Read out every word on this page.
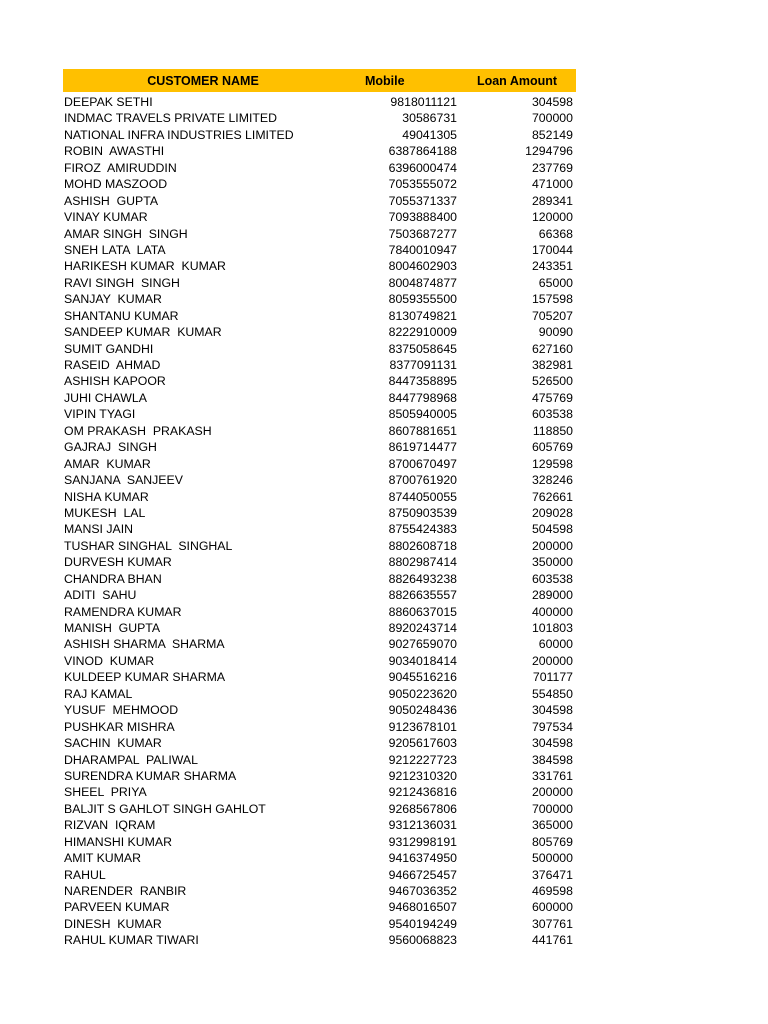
CUSTOMER NAME	Mobile	Loan Amount
DEEPAK SETHI	9818011121	304598
INDMAC TRAVELS PRIVATE LIMITED	30586731	700000
NATIONAL INFRA INDUSTRIES LIMITED	49041305	852149
ROBIN  AWASTHI	6387864188	1294796
FIROZ  AMIRUDDIN	6396000474	237769
MOHD MASZOOD	7053555072	471000
ASHISH  GUPTA	7055371337	289341
VINAY KUMAR	7093888400	120000
AMAR SINGH  SINGH	7503687277	66368
SNEH LATA  LATA	7840010947	170044
HARIKESH KUMAR  KUMAR	8004602903	243351
RAVI SINGH  SINGH	8004874877	65000
SANJAY  KUMAR	8059355500	157598
SHANTANU KUMAR	8130749821	705207
SANDEEP KUMAR  KUMAR	8222910009	90090
SUMIT GANDHI	8375058645	627160
RASEID  AHMAD	8377091131	382981
ASHISH KAPOOR	8447358895	526500
JUHI CHAWLA	8447798968	475769
VIPIN TYAGI	8505940005	603538
OM PRAKASH  PRAKASH	8607881651	118850
GAJRAJ  SINGH	8619714477	605769
AMAR  KUMAR	8700670497	129598
SANJANA  SANJEEV	8700761920	328246
NISHA KUMAR	8744050055	762661
MUKESH  LAL	8750903539	209028
MANSI JAIN	8755424383	504598
TUSHAR SINGHAL  SINGHAL	8802608718	200000
DURVESH KUMAR	8802987414	350000
CHANDRA BHAN	8826493238	603538
ADITI  SAHU	8826635557	289000
RAMENDRA KUMAR	8860637015	400000
MANISH  GUPTA	8920243714	101803
ASHISH SHARMA  SHARMA	9027659070	60000
VINOD  KUMAR	9034018414	200000
KULDEEP KUMAR SHARMA	9045516216	701177
RAJ KAMAL	9050223620	554850
YUSUF  MEHMOOD	9050248436	304598
PUSHKAR MISHRA	9123678101	797534
SACHIN  KUMAR	9205617603	304598
DHARAMPAL  PALIWAL	9212227723	384598
SURENDRA KUMAR SHARMA	9212310320	331761
SHEEL  PRIYA	9212436816	200000
BALJIT S GAHLOT SINGH GAHLOT	9268567806	700000
RIZVAN  IQRAM	9312136031	365000
HIMANSHI KUMAR	9312998191	805769
AMIT KUMAR	9416374950	500000
RAHUL	9466725457	376471
NARENDER  RANBIR	9467036352	469598
PARVEEN KUMAR	9468016507	600000
DINESH  KUMAR	9540194249	307761
RAHUL KUMAR TIWARI	9560068823	441761
